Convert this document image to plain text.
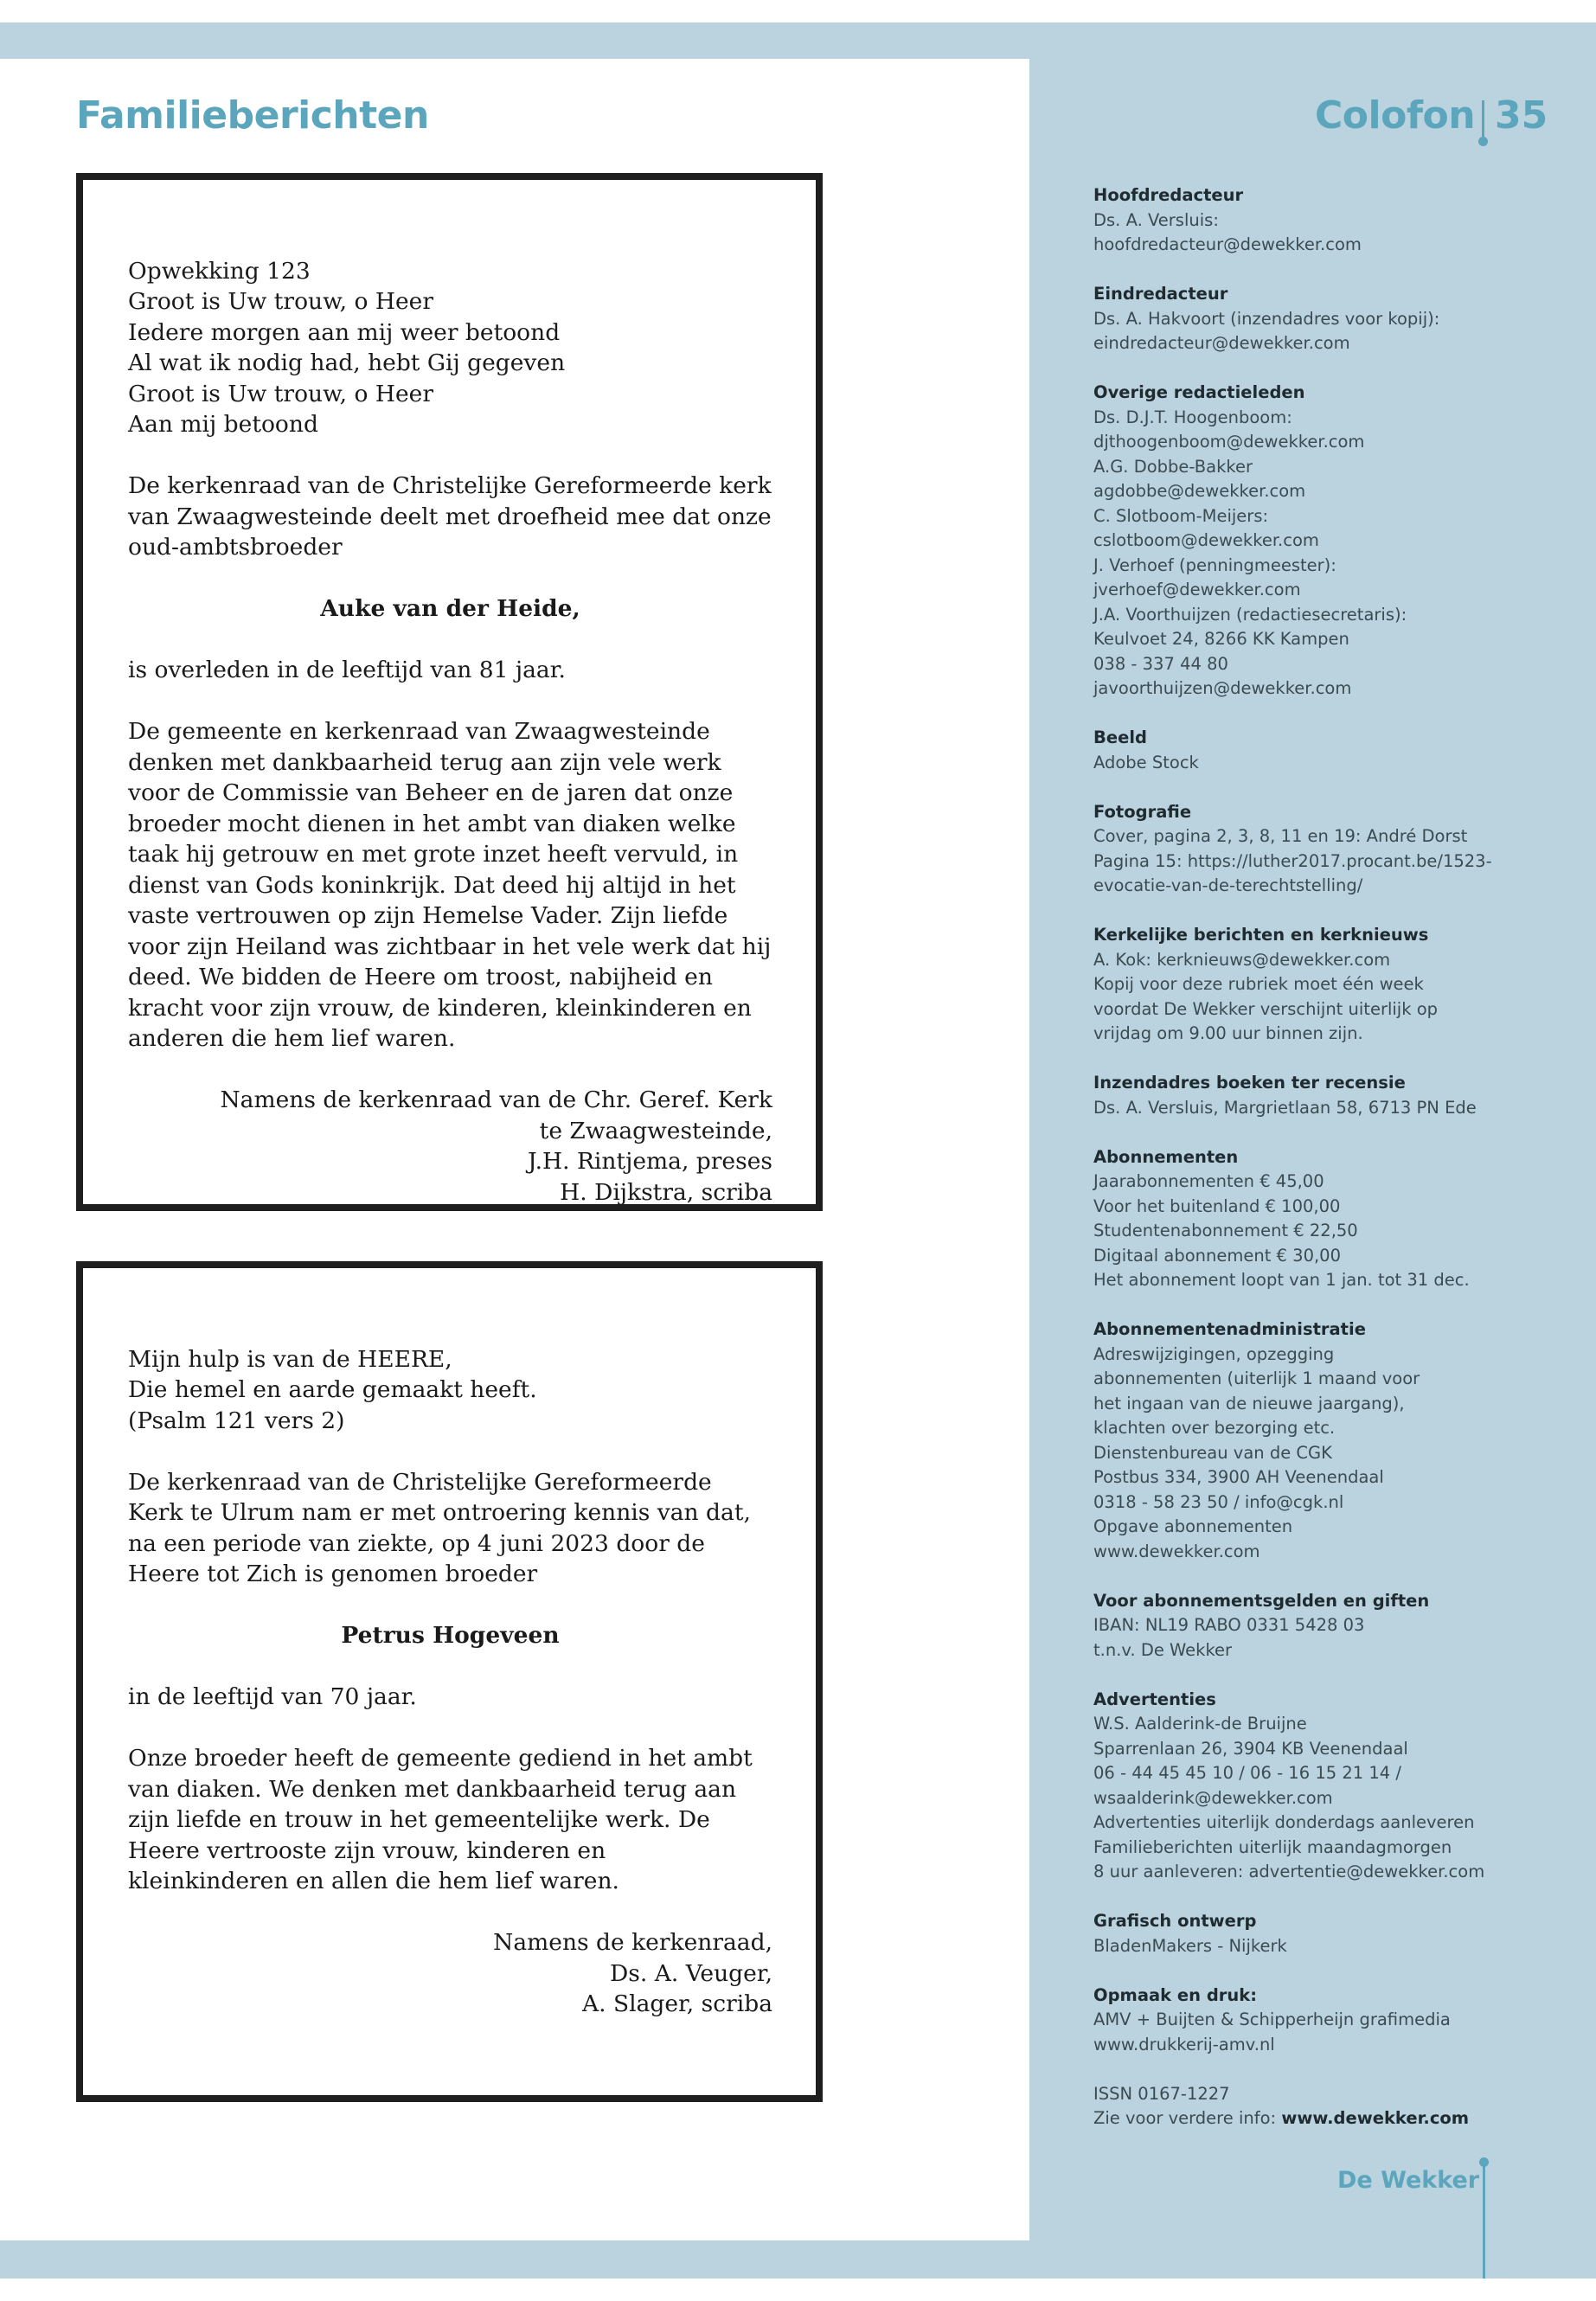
Familieberichten	Colofon 35

Opwekking 123
Groot is Uw trouw, o Heer
Iedere morgen aan mij weer betoond
Al wat ik nodig had, hebt Gij gegeven
Groot is Uw trouw, o Heer
Aan mij betoond

De kerkenraad van de Christelijke Gereformeerde kerk van Zwaagwesteinde deelt met droefheid mee dat onze oud-ambtsbroeder

Auke van der Heide,

is overleden in de leeftijd van 81 jaar.

De gemeente en kerkenraad van Zwaagwesteinde denken met dankbaarheid terug aan zijn vele werk voor de Commissie van Beheer en de jaren dat onze broeder mocht dienen in het ambt van diaken welke taak hij getrouw en met grote inzet heeft vervuld, in dienst van Gods koninkrijk. Dat deed hij altijd in het vaste vertrouwen op zijn Hemelse Vader. Zijn liefde voor zijn Heiland was zichtbaar in het vele werk dat hij deed. We bidden de Heere om troost, nabijheid en kracht voor zijn vrouw, de kinderen, kleinkinderen en anderen die hem lief waren.

Namens de kerkenraad van de Chr. Geref. Kerk
te Zwaagwesteinde,
J.H. Rintjema, preses
H. Dijkstra, scriba

Mijn hulp is van de HEERE,
Die hemel en aarde gemaakt heeft.
(Psalm 121 vers 2)

De kerkenraad van de Christelijke Gereformeerde Kerk te Ulrum nam er met ontroering kennis van dat, na een periode van ziekte, op 4 juni 2023 door de Heere tot Zich is genomen broeder

Petrus Hogeveen

in de leeftijd van 70 jaar.

Onze broeder heeft de gemeente gediend in het ambt van diaken. We denken met dankbaarheid terug aan zijn liefde en trouw in het gemeentelijke werk. De Heere vertrooste zijn vrouw, kinderen en kleinkinderen en allen die hem lief waren.

Namens de kerkenraad,
Ds. A. Veuger,
A. Slager, scriba
Hoofdredacteur
Ds. A. Versluis:
hoofdredacteur@dewekker.com
Eindredacteur
Ds. A. Hakvoort (inzendadres voor kopij):
eindredacteur@dewekker.com
Overige redactieleden
Ds. D.J.T. Hoogenboom:
djthoogenboom@dewekker.com
A.G. Dobbe-Bakker
agdobbe@dewekker.com
C. Slotboom-Meijers:
cslotboom@dewekker.com
J. Verhoef (penningmeester):
jverhoef@dewekker.com
J.A. Voorthuijzen (redactiesecretaris):
Keulvoet 24, 8266 KK Kampen
038 - 337 44 80
javoorthuijzen@dewekker.com
Beeld
Adobe Stock
Fotografie
Cover, pagina 2, 3, 8, 11 en 19: André Dorst
Pagina 15: https://luther2017.procant.be/1523-
evocatie-van-de-terechtstelling/
Kerkelijke berichten en kerknieuws
A. Kok: kerknieuws@dewekker.com
Kopij voor deze rubriek moet één week
voordat De Wekker verschijnt uiterlijk op
vrijdag om 9.00 uur binnen zijn.
Inzendadres boeken ter recensie
Ds. A. Versluis, Margrietlaan 58, 6713 PN Ede
Abonnementen
Jaarabonnementen € 45,00
Voor het buitenland € 100,00
Studentenabonnement € 22,50
Digitaal abonnement € 30,00
Het abonnement loopt van 1 jan. tot 31 dec.
Abonnementenadministratie
Adreswijzigingen, opzegging
abonnementen (uiterlijk 1 maand voor
het ingaan van de nieuwe jaargang),
klachten over bezorging etc.
Dienstenbureau van de CGK
Postbus 334, 3900 AH Veenendaal
0318 - 58 23 50 / info@cgk.nl
Opgave abonnementen
www.dewekker.com
Voor abonnementsgelden en giften
IBAN: NL19 RABO 0331 5428 03
t.n.v. De Wekker
Advertenties
W.S. Aalderink-de Bruijne
Sparrenlaan 26, 3904 KB Veenendaal
06 - 44 45 45 10 / 06 - 16 15 21 14 /
wsaalderink@dewekker.com
Advertenties uiterlijk donderdags aanleveren
Familieberichten uiterlijk maandagmorgen
8 uur aanleveren: advertentie@dewekker.com
Grafisch ontwerp
BladenMakers - Nijkerk
Opmaak en druk:
AMV + Buijten & Schipperheijn grafimedia
www.drukkerij-amv.nl
ISSN 0167-1227
Zie voor verdere info: www.dewekker.com
De Wekker
